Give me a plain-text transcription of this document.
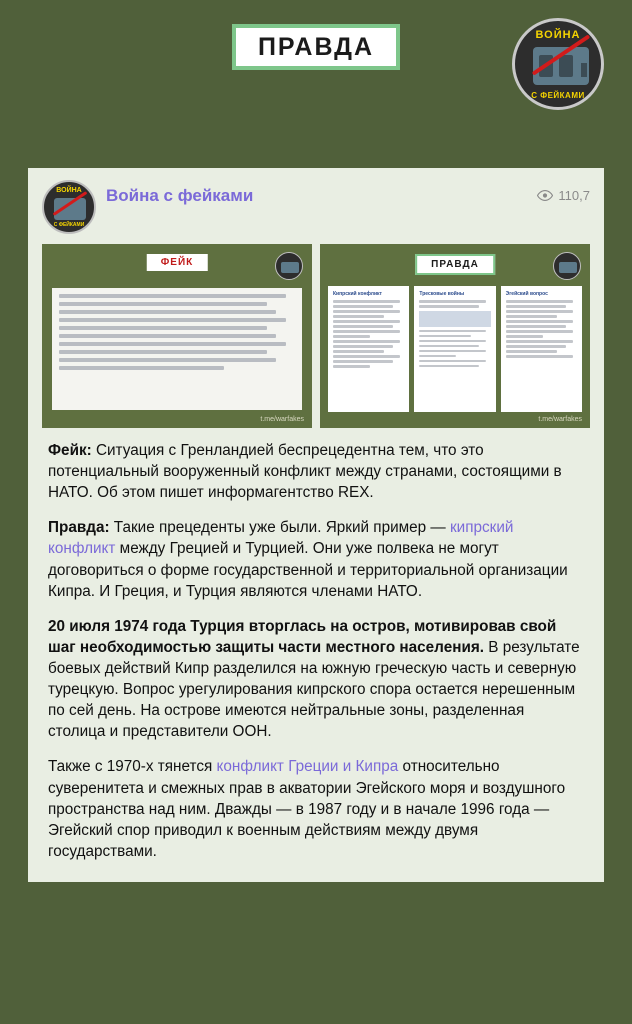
ПРАВДА	ВОЙНА
С ФЕЙКАМИ
ВОЙНА
С ФЕЙКАМИ
Война с фейками	110,7
ФЕЙК
t.me/warfakes
ПРАВДА
Кипрский конфликт	Тресковые войны	Эгейский вопрос
t.me/warfakes

Фейк: Ситуация с Гренландией беспрецедентна тем, что это потенциальный вооруженный конфликт между странами, состоящими в НАТО. Об этом пишет информагентство REX.

Правда: Такие прецеденты уже были. Яркий пример — кипрский конфликт между Грецией и Турцией. Они уже полвека не могут договориться о форме государственной и территориальной организации Кипра. И Греция, и Турция являются членами НАТО.

20 июля 1974 года Турция вторглась на остров, мотивировав свой шаг необходимостью защиты части местного населения. В результате боевых действий Кипр разделился на южную греческую часть и северную турецкую. Вопрос урегулирования кипрского спора остается нерешенным по сей день. На острове имеются нейтральные зоны, разделенная столица и представители ООН.

Также с 1970-х тянется конфликт Греции и Кипра относительно суверенитета и смежных прав в акватории Эгейского моря и воздушного пространства над ним. Дважды — в 1987 году и в начале 1996 года — Эгейский спор приводил к военным действиям между двумя государствами.
